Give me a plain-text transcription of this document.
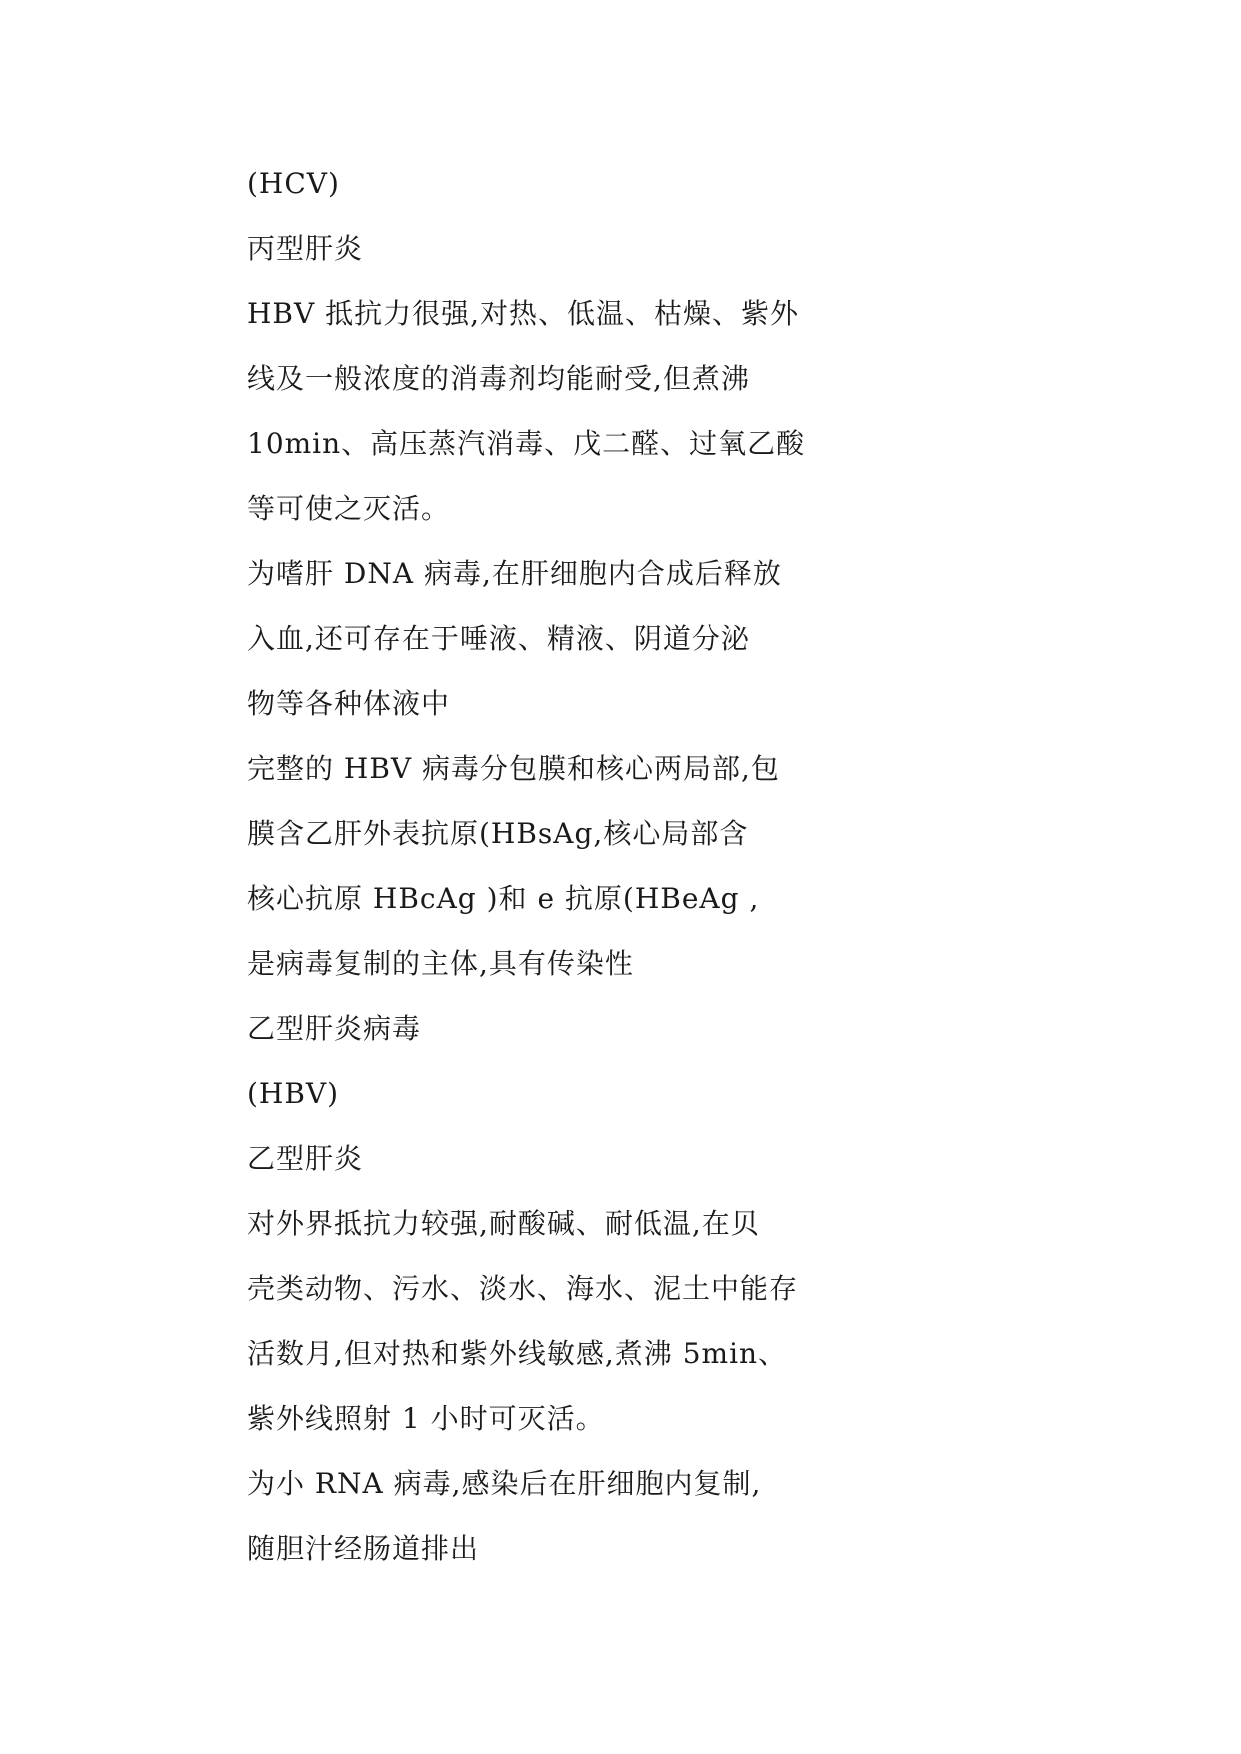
(HCV)

丙型肝炎

HBV 抵抗力很强,对热、低温、枯燥、紫外

线及一般浓度的消毒剂均能耐受,但煮沸

10min、高压蒸汽消毒、戊二醛、过氧乙酸

等可使之灭活。

为嗜肝 DNA 病毒,在肝细胞内合成后释放

入血,还可存在于唾液、精液、阴道分泌

物等各种体液中

完整的 HBV 病毒分包膜和核心两局部,包

膜含乙肝外表抗原(HBsAg,核心局部含

核心抗原 HBcAg )和 e 抗原(HBeAg ,

是病毒复制的主体,具有传染性

乙型肝炎病毒

(HBV)

乙型肝炎

对外界抵抗力较强,耐酸碱、耐低温,在贝

壳类动物、污水、淡水、海水、泥土中能存

活数月,但对热和紫外线敏感,煮沸 5min、

紫外线照射 1 小时可灭活。

为小 RNA 病毒,感染后在肝细胞内复制,

随胆汁经肠道排出
